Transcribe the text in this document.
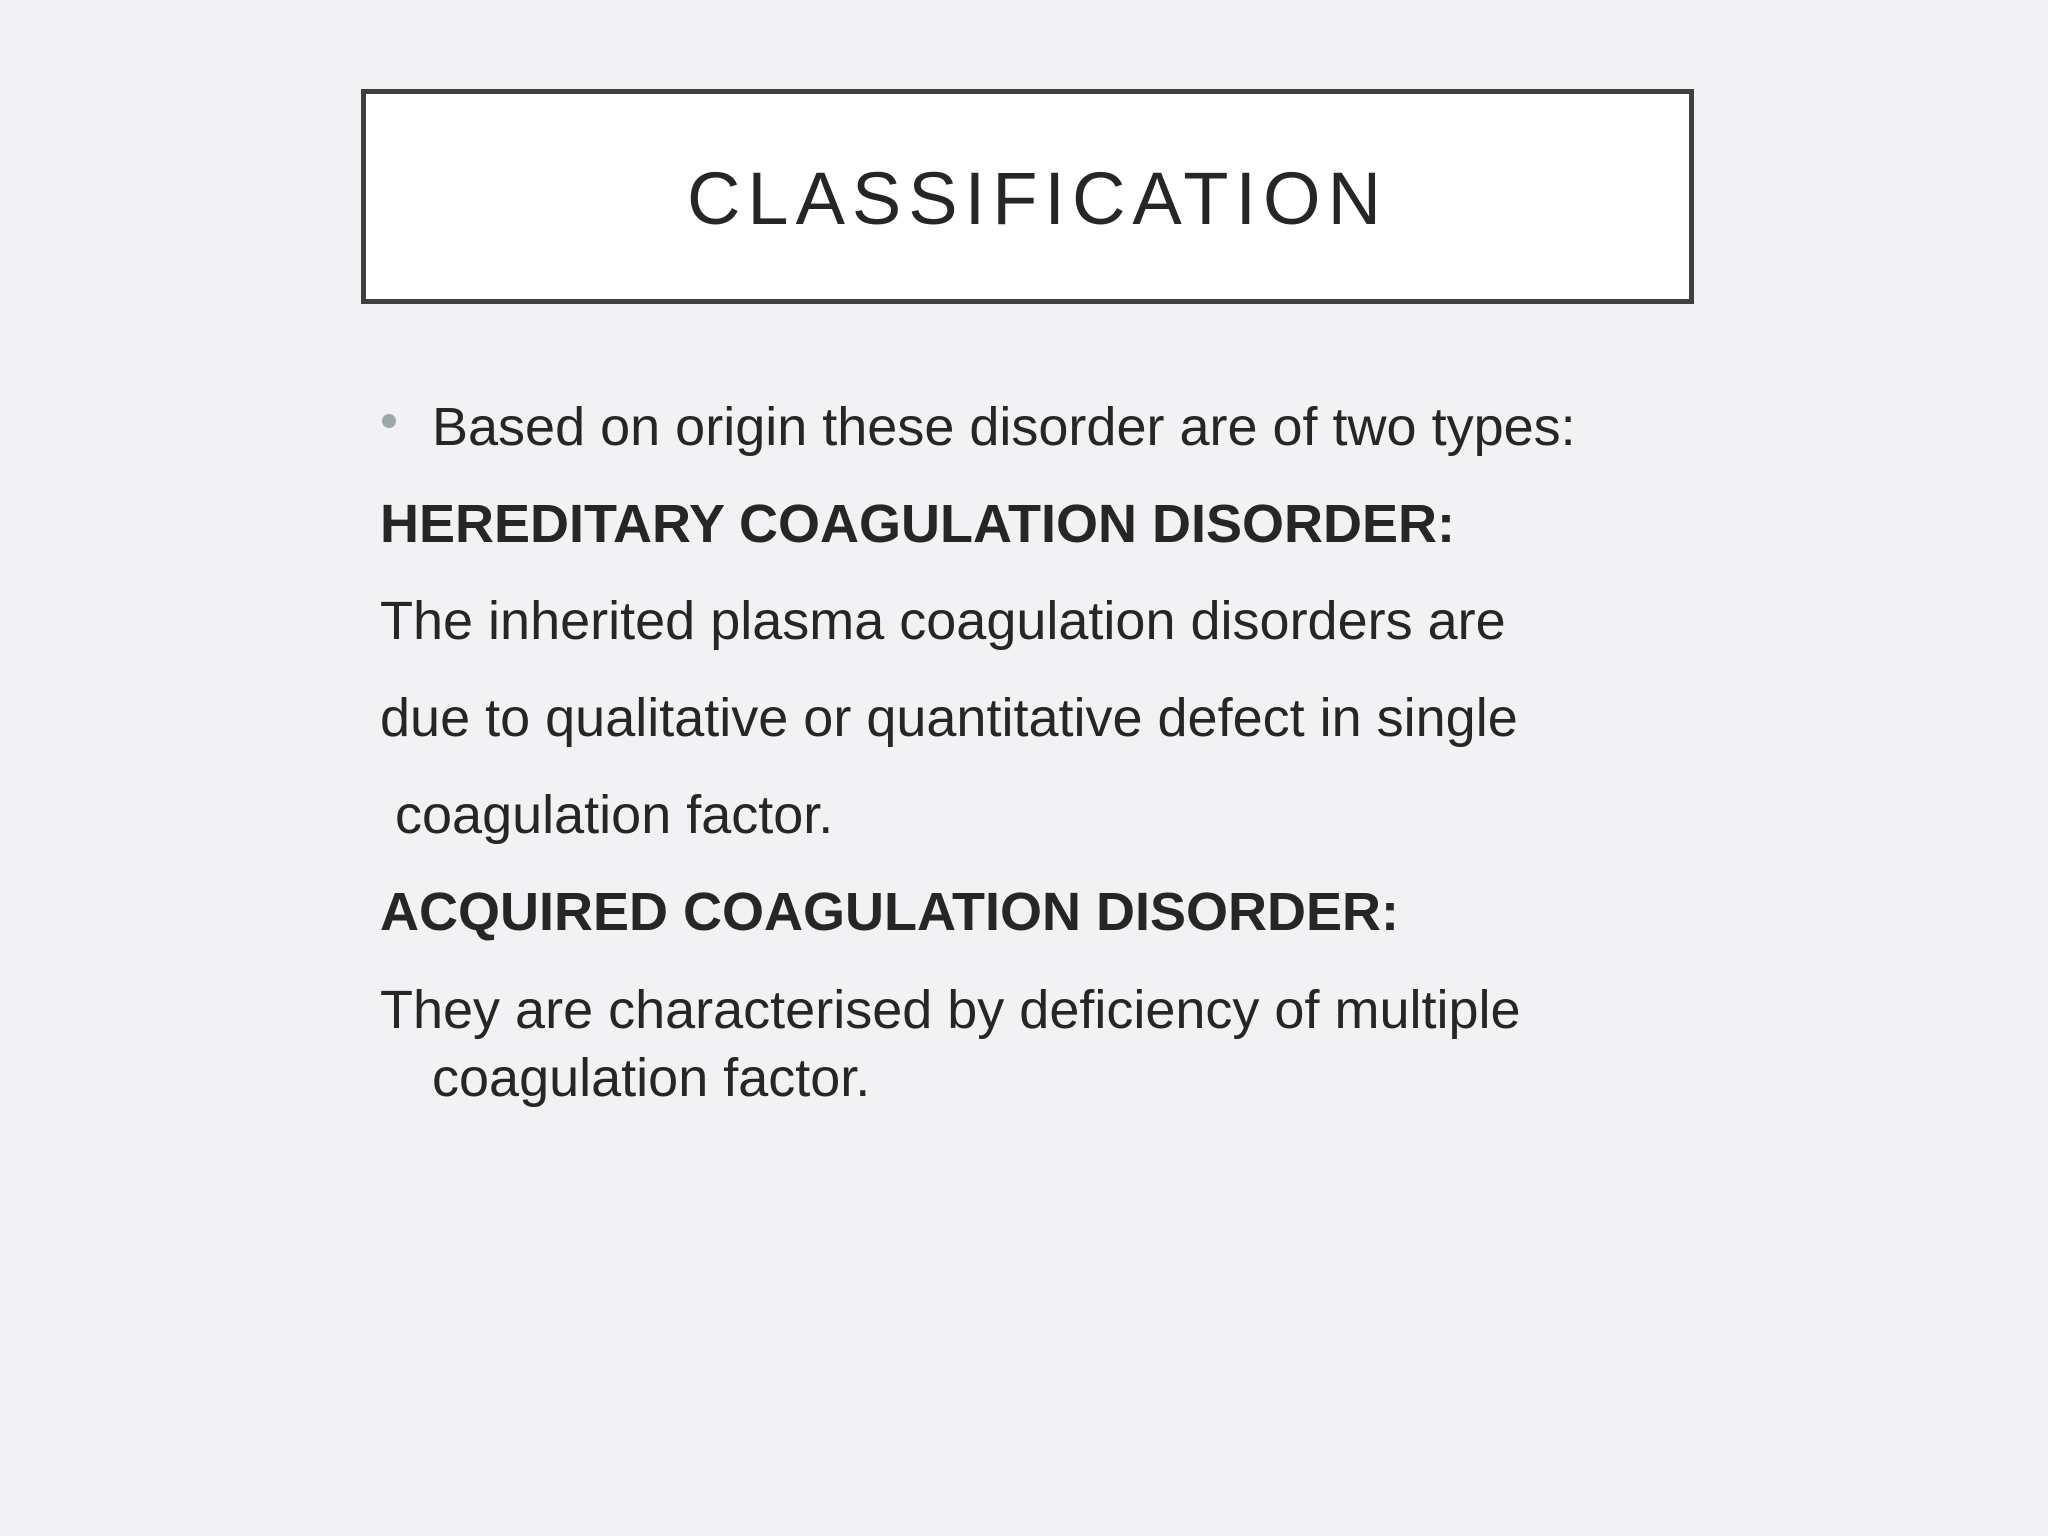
CLASSIFICATION
Based on origin these disorder are of two types:
HEREDITARY COAGULATION DISORDER:
The inherited plasma coagulation disorders are
due to qualitative or quantitative defect in single
coagulation factor.
ACQUIRED COAGULATION DISORDER:
They are characterised by deficiency of multiple
coagulation factor.
